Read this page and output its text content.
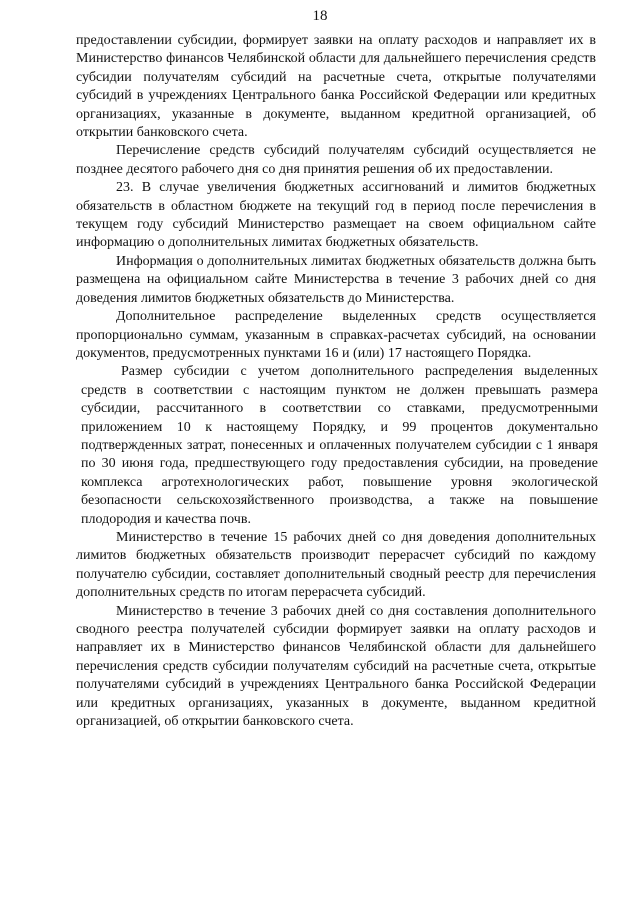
18

предоставлении субсидии, формирует заявки на оплату расходов и направляет их в Министерство финансов Челябинской области для дальнейшего перечисления средств субсидии получателям субсидий на расчетные счета, открытые получателями субсидий в учреждениях Центрального банка Российской Федерации или кредитных организациях, указанные в документе, выданном кредитной организацией, об открытии банковского счета.

Перечисление средств субсидий получателям субсидий осуществляется не позднее десятого рабочего дня со дня принятия решения об их предоставлении.

23. В случае увеличения бюджетных ассигнований и лимитов бюджетных обязательств в областном бюджете на текущий год в период после перечисления в текущем году субсидий Министерство размещает на своем официальном сайте информацию о дополнительных лимитах бюджетных обязательств.

Информация о дополнительных лимитах бюджетных обязательств должна быть размещена на официальном сайте Министерства в течение 3 рабочих дней со дня доведения лимитов бюджетных обязательств до Министерства.

Дополнительное распределение выделенных средств осуществляется пропорционально суммам, указанным в справках-расчетах субсидий, на основании документов, предусмотренных пунктами 16 и (или) 17 настоящего Порядка.

Размер субсидии с учетом дополнительного распределения выделенных средств в соответствии с настоящим пунктом не должен превышать размера субсидии, рассчитанного в соответствии со ставками, предусмотренными приложением 10 к настоящему Порядку, и 99 процентов документально подтвержденных затрат, понесенных и оплаченных получателем субсидии с 1 января по 30 июня года, предшествующего году предоставления субсидии, на проведение комплекса агротехнологических работ, повышение уровня экологической безопасности сельскохозяйственного производства, а также на повышение плодородия и качества почв.

Министерство в течение 15 рабочих дней со дня доведения дополнительных лимитов бюджетных обязательств производит перерасчет субсидий по каждому получателю субсидии, составляет дополнительный сводный реестр для перечисления дополнительных средств по итогам перерасчета субсидий.

Министерство в течение 3 рабочих дней со дня составления дополнительного сводного реестра получателей субсидии формирует заявки на оплату расходов и направляет их в Министерство финансов Челябинской области для дальнейшего перечисления средств субсидии получателям субсидий на расчетные счета, открытые получателями субсидий в учреждениях Центрального банка Российской Федерации или кредитных организациях, указанных в документе, выданном кредитной организацией, об открытии банковского счета.
